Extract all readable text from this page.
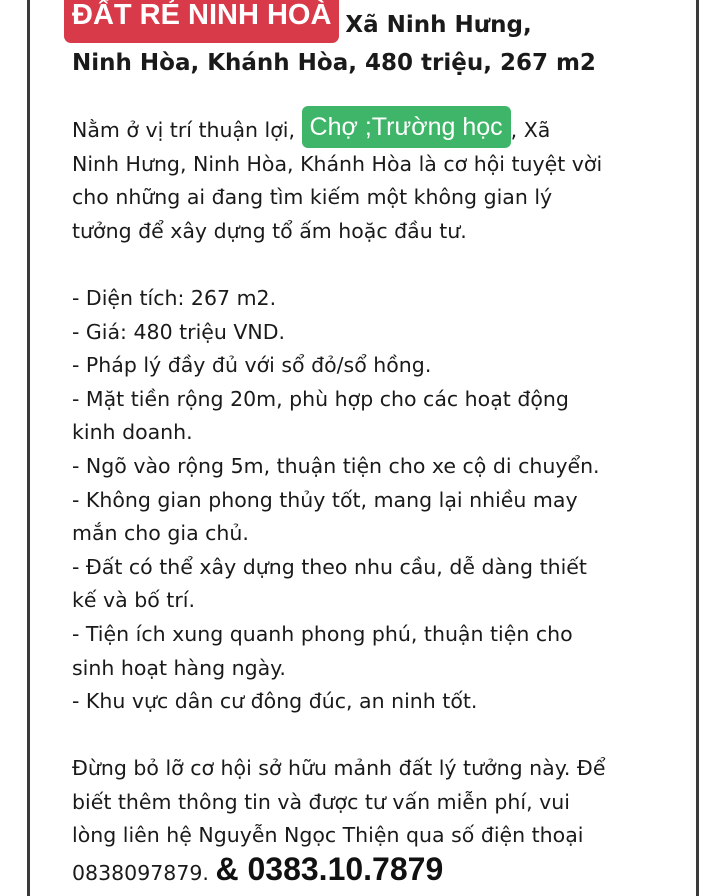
ĐẤT RẺ NINH HOÀ Xã Ninh Hưng,
Ninh Hòa, Khánh Hòa, 480 triệu, 267 m2
Nằm ở vị trí thuận lợi, Chợ ;Trường học , Xã
Ninh Hưng, Ninh Hòa, Khánh Hòa là cơ hội tuyệt vời
cho những ai đang tìm kiếm một không gian lý
tưởng để xây dựng tổ ấm hoặc đầu tư.
- Diện tích: 267 m2.
- Giá: 480 triệu VND.
- Pháp lý đầy đủ với sổ đỏ/sổ hồng.
- Mặt tiền rộng 20m, phù hợp cho các hoạt động
kinh doanh.
- Ngõ vào rộng 5m, thuận tiện cho xe cộ di chuyển.
- Không gian phong thủy tốt, mang lại nhiều may
mắn cho gia chủ.
- Đất có thể xây dựng theo nhu cầu, dễ dàng thiết
kế và bố trí.
- Tiện ích xung quanh phong phú, thuận tiện cho
sinh hoạt hàng ngày.
- Khu vực dân cư đông đúc, an ninh tốt.
Đừng bỏ lỡ cơ hội sở hữu mảnh đất lý tưởng này. Để
biết thêm thông tin và được tư vấn miễn phí, vui
lòng liên hệ Nguyễn Ngọc Thiện qua số điện thoại
0838097879. & 0383.10.7879
